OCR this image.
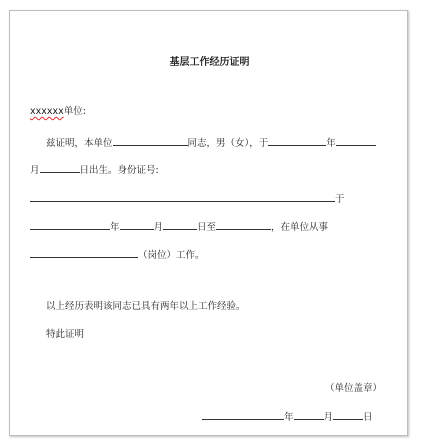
基层工作经历证明
xxxxxx单位:
兹证明，本单位	同志，男（女），于	年
月	日出生。身份证号:
于
年	月	日至	，在单位从事
（岗位）工作。
以上经历表明该同志已具有两年以上工作经验。
特此证明
（单位盖章）
年	月	日
